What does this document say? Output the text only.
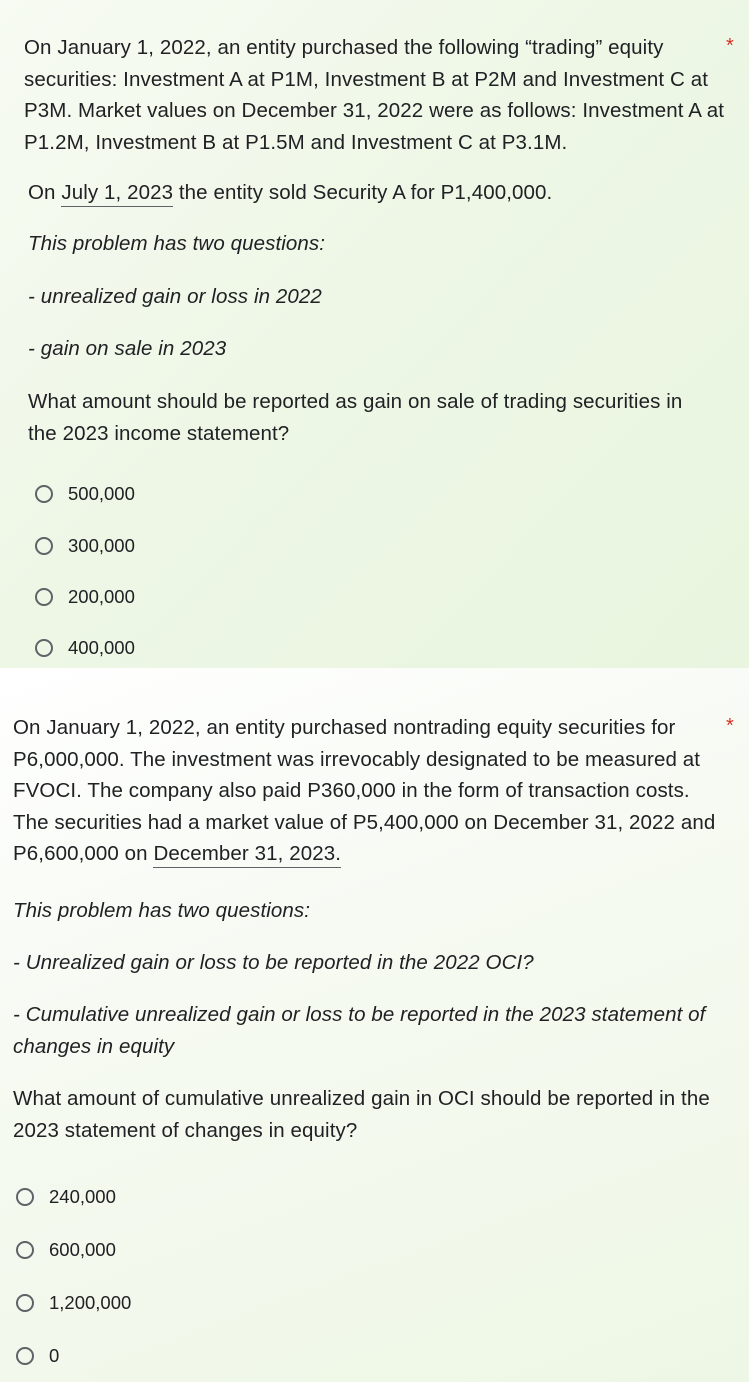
*

On January 1, 2022, an entity purchased the following “trading” equity securities: Investment A at P1M, Investment B at P2M and Investment C at P3M. Market values on December 31, 2022 were as follows: Investment A at P1.2M, Investment B at P1.5M and Investment C at P3.1M.

On July 1, 2023 the entity sold Security A for P1,400,000.

This problem has two questions:

- unrealized gain or loss in 2022

- gain on sale in 2023

What amount should be reported as gain on sale of trading securities in the 2023 income statement?

500,000
300,000
200,000
400,000
*

On January 1, 2022, an entity purchased nontrading equity securities for P6,000,000. The investment was irrevocably designated to be measured at FVOCI. The company also paid P360,000 in the form of transaction costs. The securities had a market value of P5,400,000 on December 31, 2022 and P6,600,000 on December 31, 2023.

This problem has two questions:

- Unrealized gain or loss to be reported in the 2022 OCI?

- Cumulative unrealized gain or loss to be reported in the 2023 statement of changes in equity

What amount of cumulative unrealized gain in OCI should be reported in the 2023 statement of changes in equity?

240,000
600,000
1,200,000
0
